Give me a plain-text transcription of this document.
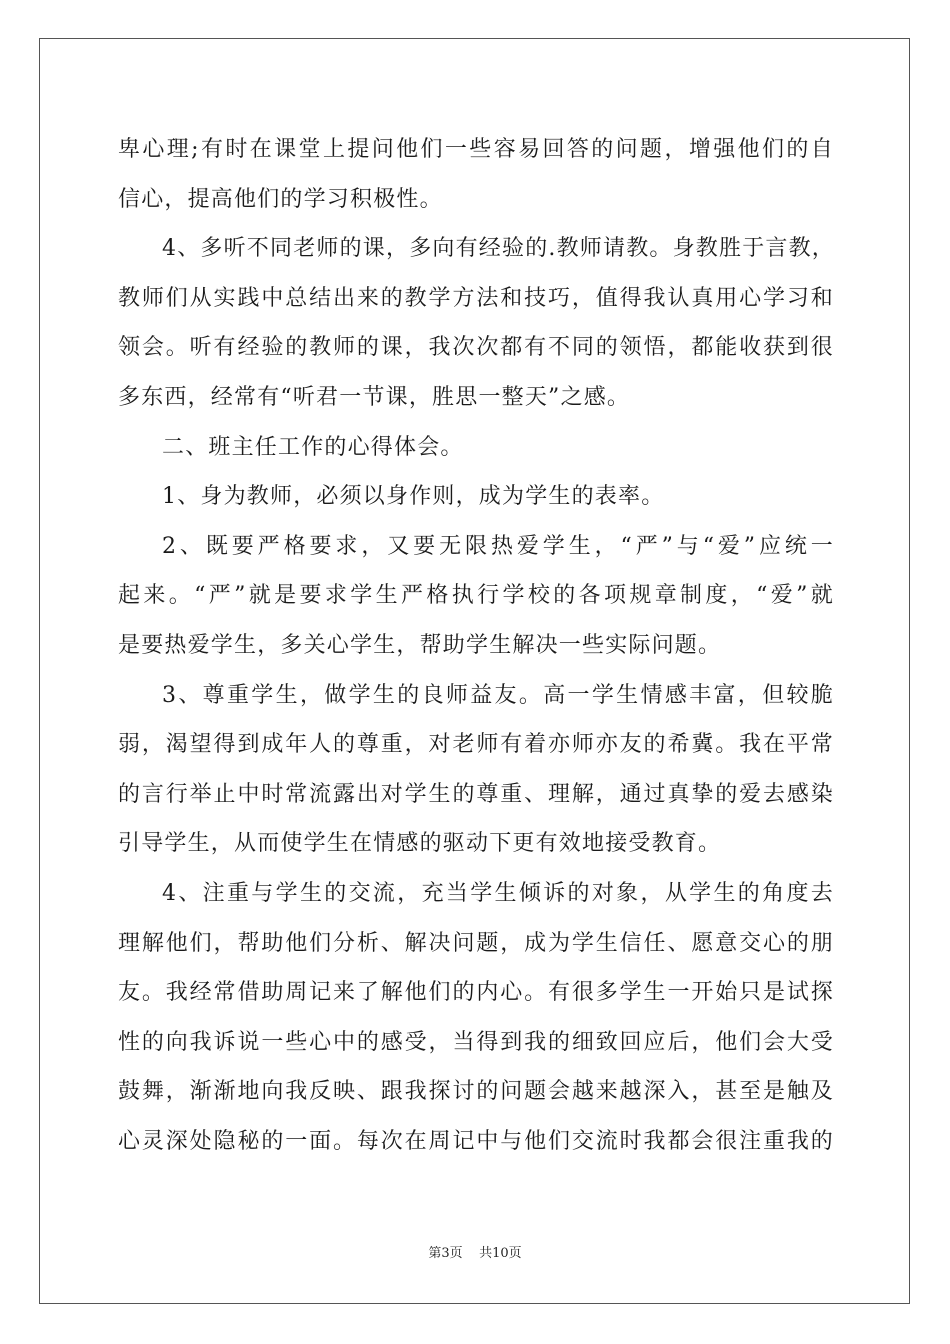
卑心理;有时在课堂上提问他们一些容易回答的问题，增强他们的自
信心，提高他们的学习积极性。
4、多听不同老师的课，多向有经验的.教师请教。身教胜于言教，
教师们从实践中总结出来的教学方法和技巧，值得我认真用心学习和
领会。听有经验的教师的课，我次次都有不同的领悟，都能收获到很
多东西，经常有“听君一节课，胜思一整天”之感。
二、班主任工作的心得体会。
1、身为教师，必须以身作则，成为学生的表率。
2、既要严格要求，又要无限热爱学生，“严”与“爱”应统一
起来。“严”就是要求学生严格执行学校的各项规章制度，“爱”就
是要热爱学生，多关心学生，帮助学生解决一些实际问题。
3、尊重学生，做学生的良师益友。高一学生情感丰富，但较脆
弱，渴望得到成年人的尊重，对老师有着亦师亦友的希冀。我在平常
的言行举止中时常流露出对学生的尊重、理解，通过真挚的爱去感染
引导学生，从而使学生在情感的驱动下更有效地接受教育。
4、注重与学生的交流，充当学生倾诉的对象，从学生的角度去
理解他们，帮助他们分析、解决问题，成为学生信任、愿意交心的朋
友。我经常借助周记来了解他们的内心。有很多学生一开始只是试探
性的向我诉说一些心中的感受，当得到我的细致回应后，他们会大受
鼓舞，渐渐地向我反映、跟我探讨的问题会越来越深入，甚至是触及
心灵深处隐秘的一面。每次在周记中与他们交流时我都会很注重我的
第3页 共10页
